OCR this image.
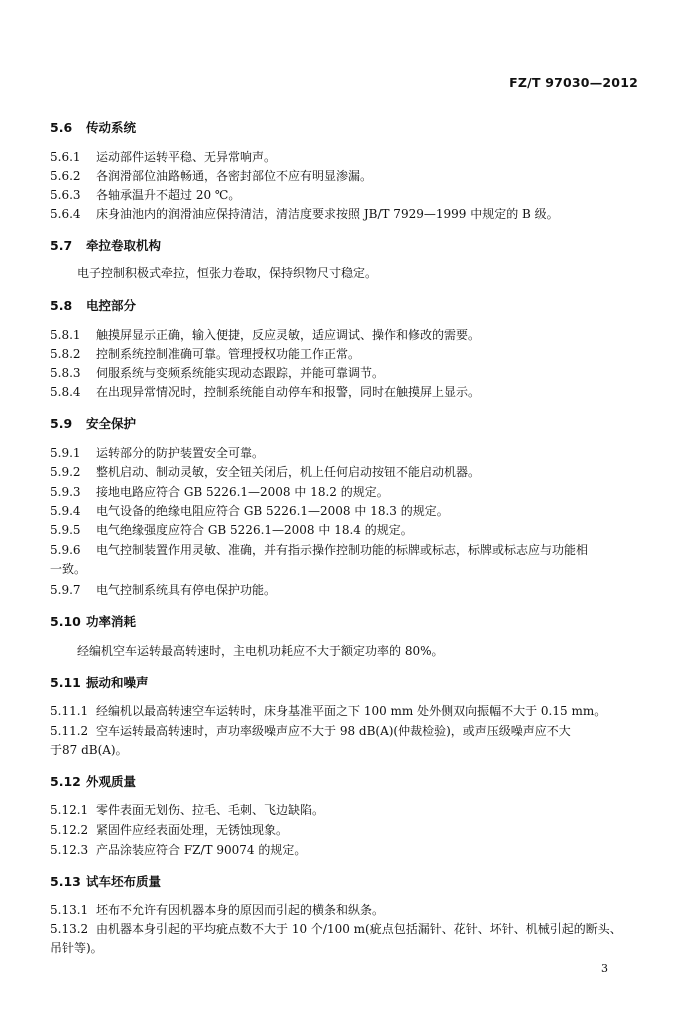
FZ/T 97030—2012
5.6 传动系统
5.6.1 运动部件运转平稳、无异常响声。
5.6.2 各润滑部位油路畅通，各密封部位不应有明显渗漏。
5.6.3 各轴承温升不超过 20 ℃。
5.6.4 床身油池内的润滑油应保持清洁，清洁度要求按照 JB/T 7929—1999 中规定的 B 级。
5.7 牵拉卷取机构
电子控制积极式牵拉，恒张力卷取，保持织物尺寸稳定。
5.8 电控部分
5.8.1 触摸屏显示正确，输入便捷，反应灵敏，适应调试、操作和修改的需要。
5.8.2 控制系统控制准确可靠。管理授权功能工作正常。
5.8.3 伺服系统与变频系统能实现动态跟踪，并能可靠调节。
5.8.4 在出现异常情况时，控制系统能自动停车和报警，同时在触摸屏上显示。
5.9 安全保护
5.9.1 运转部分的防护装置安全可靠。
5.9.2 整机启动、制动灵敏，安全钮关闭后，机上任何启动按钮不能启动机器。
5.9.3 接地电路应符合 GB 5226.1—2008 中 18.2 的规定。
5.9.4 电气设备的绝缘电阻应符合 GB 5226.1—2008 中 18.3 的规定。
5.9.5 电气绝缘强度应符合 GB 5226.1—2008 中 18.4 的规定。
5.9.6 电气控制装置作用灵敏、准确，并有指示操作控制功能的标牌或标志，标牌或标志应与功能相
一致。
5.9.7 电气控制系统具有停电保护功能。
5.10 功率消耗
经编机空车运转最高转速时，主电机功耗应不大于额定功率的 80%。
5.11 振动和噪声
5.11.1 经编机以最高转速空车运转时，床身基准平面之下 100 mm 处外侧双向振幅不大于 0.15 mm。
5.11.2 空车运转最高转速时，声功率级噪声应不大于 98 dB(A)(仲裁检验)，或声压级噪声应不大
于87 dB(A)。
5.12 外观质量
5.12.1 零件表面无划伤、拉毛、毛刺、飞边缺陷。
5.12.2 紧固件应经表面处理，无锈蚀现象。
5.12.3 产品涂装应符合 FZ/T 90074 的规定。
5.13 试车坯布质量
5.13.1 坯布不允许有因机器本身的原因而引起的横条和纵条。
5.13.2 由机器本身引起的平均疵点数不大于 10 个/100 m(疵点包括漏针、花针、坏针、机械引起的断头、
吊针等)。
3
